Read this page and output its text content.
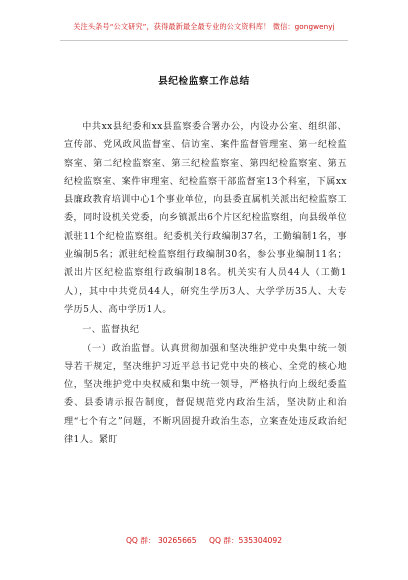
关注头条号“公文研究”，获得最新最全最专业的公文资料库！ 微信：gongwenyj
县纪检监察工作总结

中共xx县纪委和xx县监察委合署办公，内设办公室、组织部、宣传部、党风政风监督室、信访室、案件监督管理室、第一纪检监察室、第二纪检监察室、第三纪检监察室、第四纪检监察室、第五纪检监察室、案件审理室、纪检监察干部监督室13个科室，下属xx县廉政教育培训中心1个事业单位，向县委直属机关派出纪检监察工委，同时设机关党委，向乡镇派出6个片区纪检监察组，向县级单位派驻11个纪检监察组。纪委机关行政编制37名，工勤编制1名，事业编制5名；派驻纪检监察组行政编制30名，参公事业编制11名；派出片区纪检监察组行政编制18名。机关实有人员44人（工勤1人），其中中共党员44人，研究生学历3人、大学学历35人、大专学历5人、高中学历1人。

一、监督执纪

（一）政治监督。认真贯彻加强和坚决维护党中央集中统一领导若干规定，坚决维护习近平总书记党中央的核心、全党的核心地位，坚决维护党中央权威和集中统一领导，严格执行向上级纪委监委、县委请示报告制度，督促规范党内政治生活，坚决防止和治理“七个有之”问题，不断巩固提升政治生态，立案查处违反政治纪律1人。紧盯

QQ 群： 30265665 QQ 群：535304092
